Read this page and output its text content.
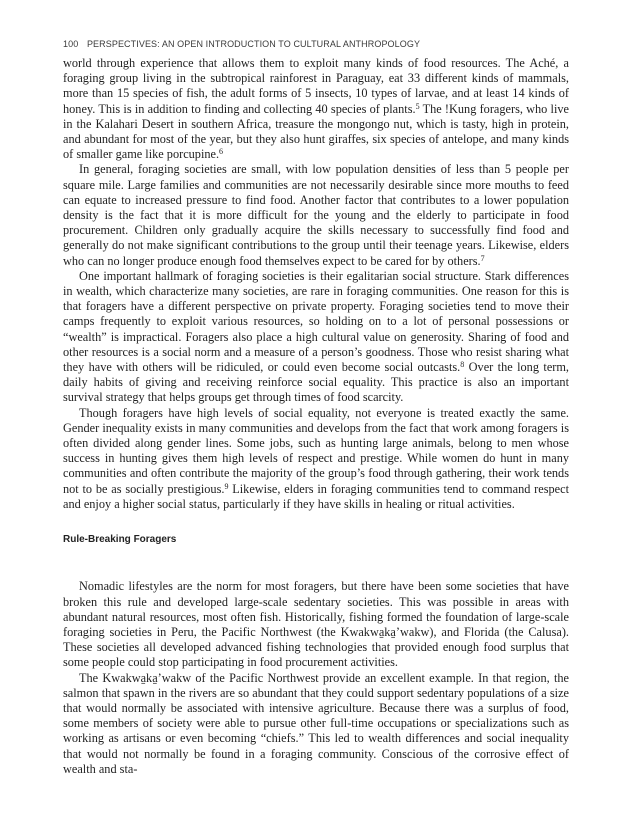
100 PERSPECTIVES: AN OPEN INTRODUCTION TO CULTURAL ANTHROPOLOGY

world through experience that allows them to exploit many kinds of food resources. The Aché, a foraging group living in the subtropical rainforest in Paraguay, eat 33 different kinds of mammals, more than 15 species of fish, the adult forms of 5 insects, 10 types of larvae, and at least 14 kinds of honey. This is in addition to finding and collecting 40 species of plants.$^5$ The !Kung foragers, who live in the Kalahari Desert in southern Africa, treasure the mongongo nut, which is tasty, high in protein, and abundant for most of the year, but they also hunt giraffes, six species of antelope, and many kinds of smaller game like porcupine.$^6$

In general, foraging societies are small, with low population densities of less than 5 people per square mile. Large families and communities are not necessarily desirable since more mouths to feed can equate to increased pressure to find food. Another factor that contributes to a lower population density is the fact that it is more difficult for the young and the elderly to participate in food procurement. Children only gradually acquire the skills necessary to successfully find food and generally do not make significant contributions to the group until their teenage years. Likewise, elders who can no longer produce enough food themselves expect to be cared for by others.$^7$

One important hallmark of foraging societies is their egalitarian social structure. Stark differences in wealth, which characterize many societies, are rare in foraging communities. One reason for this is that foragers have a different perspective on private property. Foraging societies tend to move their camps frequently to exploit various resources, so holding on to a lot of personal possessions or “wealth” is impractical. Foragers also place a high cultural value on generosity. Sharing of food and other resources is a social norm and a measure of a person’s goodness. Those who resist sharing what they have with others will be ridiculed, or could even become social outcasts.$^8$ Over the long term, daily habits of giving and receiving reinforce social equality. This practice is also an important survival strategy that helps groups get through times of food scarcity.

Though foragers have high levels of social equality, not everyone is treated exactly the same. Gender inequality exists in many communities and develops from the fact that work among foragers is often divided along gender lines. Some jobs, such as hunting large animals, belong to men whose success in hunting gives them high levels of respect and prestige. While women do hunt in many communities and often contribute the majority of the group’s food through gathering, their work tends not to be as socially prestigious.$^9$ Likewise, elders in foraging communities tend to command respect and enjoy a higher social status, particularly if they have skills in healing or ritual activities.

Rule-Breaking Foragers

Nomadic lifestyles are the norm for most foragers, but there have been some societies that have broken this rule and developed large-scale sedentary societies. This was possible in areas with abundant natural resources, most often fish. Historically, fishing formed the foundation of large-scale foraging societies in Peru, the Pacific Northwest (the Kwakwa̱ka̱ʼwakw), and Florida (the Calusa). These societies all developed advanced fishing technologies that provided enough food surplus that some people could stop participating in food procurement activities.

The Kwakwa̱ka̱ʼwakw of the Pacific Northwest provide an excellent example. In that region, the salmon that spawn in the rivers are so abundant that they could support sedentary populations of a size that would normally be associated with intensive agriculture. Because there was a surplus of food, some members of society were able to pursue other full-time occupations or specializations such as working as artisans or even becoming “chiefs.” This led to wealth differences and social inequality that would not normally be found in a foraging community. Conscious of the corrosive effect of wealth and sta-
